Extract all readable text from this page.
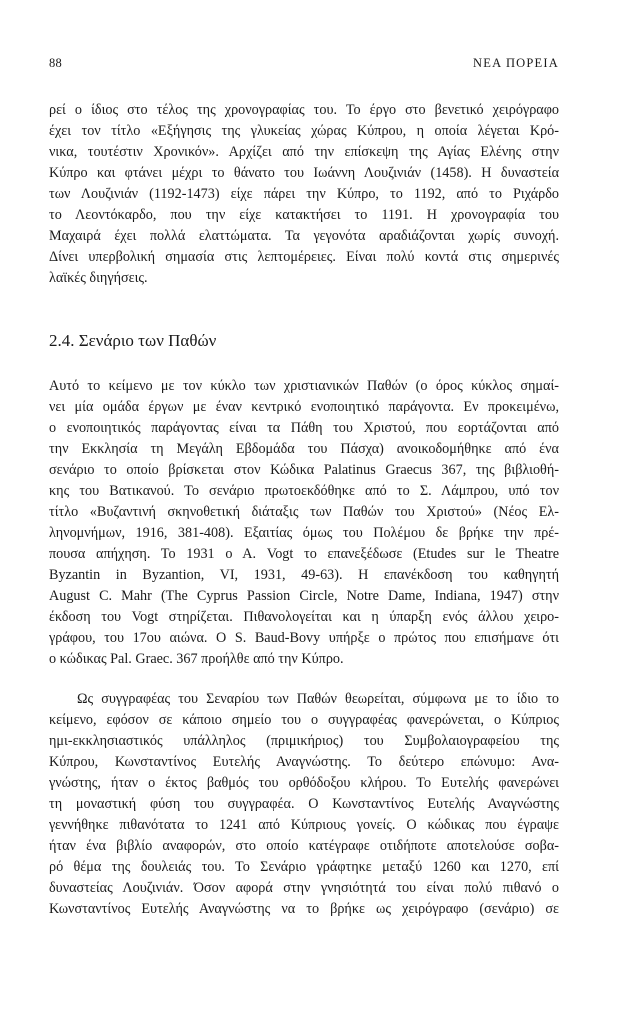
88	ΝΕΑ ΠΟΡΕΙΑ
ρεί ο ίδιος στο τέλος της χρονογραφίας του. Το έργο στο βενετικό χειρόγραφο
έχει τον τίτλο «Εξήγησις της γλυκείας χώρας Κύπρου, η οποία λέγεται Κρό-
νικα, τουτέστιν Χρονικόν». Αρχίζει από την επίσκεψη της Αγίας Ελένης στην
Κύπρο και φτάνει μέχρι το θάνατο του Ιωάννη Λουζινιάν (1458). Η δυναστεία
των Λουζινιάν (1192-1473) είχε πάρει την Κύπρο, το 1192, από το Ριχάρδο
το Λεοντόκαρδο, που την είχε κατακτήσει το 1191. Η χρονογραφία του
Μαχαιρά έχει πολλά ελαττώματα. Τα γεγονότα αραδιάζονται χωρίς συνοχή.
Δίνει υπερβολική σημασία στις λεπτομέρειες. Είναι πολύ κοντά στις σημερινές
λαϊκές διηγήσεις.
2.4. Σενάριο των Παθών
Αυτό το κείμενο με τον κύκλο των χριστιανικών Παθών (ο όρος κύκλος σημαί-
νει μία ομάδα έργων με έναν κεντρικό ενοποιητικό παράγοντα. Εν προκειμένω,
ο ενοποιητικός παράγοντας είναι τα Πάθη του Χριστού, που εορτάζονται από
την Εκκλησία τη Μεγάλη Εβδομάδα του Πάσχα) ανοικοδομήθηκε από ένα
σενάριο το οποίο βρίσκεται στον Κώδικα Palatinus Graecus 367, της βιβλιοθή-
κης του Βατικανού. Το σενάριο πρωτοεκδόθηκε από το Σ. Λάμπρου, υπό τον
τίτλο «Βυζαντινή σκηνοθετική διάταξις των Παθών του Χριστού» (Νέος Ελ-
ληνομνήμων, 1916, 381-408). Εξαιτίας όμως του Πολέμου δε βρήκε την πρέ-
πουσα απήχηση. Το 1931 ο Α. Vogt το επανεξέδωσε (Etudes sur le Theatre
Byzantin in Byzantion, VI, 1931, 49-63). Η επανέκδοση του καθηγητή
August C. Mahr (The Cyprus Passion Circle, Notre Dame, Indiana, 1947) στην
έκδοση του Vogt στηρίζεται. Πιθανολογείται και η ύπαρξη ενός άλλου χειρο-
γράφου, του 17ου αιώνα. Ο S. Baud-Bovy υπήρξε ο πρώτος που επισήμανε ότι
ο κώδικας Pal. Graec. 367 προήλθε από την Κύπρο.
Ως συγγραφέας του Σεναρίου των Παθών θεωρείται, σύμφωνα με το ίδιο το
κείμενο, εφόσον σε κάποιο σημείο του ο συγγραφέας φανερώνεται, ο Κύπριος
ημι-εκκλησιαστικός υπάλληλος (πριμικήριος) του Συμβολαιογραφείου της
Κύπρου, Κωνσταντίνος Ευτελής Αναγνώστης. Το δεύτερο επώνυμο: Ανα-
γνώστης, ήταν ο έκτος βαθμός του ορθόδοξου κλήρου. Το Ευτελής φανερώνει
τη μοναστική φύση του συγγραφέα. Ο Κωνσταντίνος Ευτελής Αναγνώστης
γεννήθηκε πιθανότατα το 1241 από Κύπριους γονείς. Ο κώδικας που έγραψε
ήταν ένα βιβλίο αναφορών, στο οποίο κατέγραφε οτιδήποτε αποτελούσε σοβα-
ρό θέμα της δουλειάς του. Το Σενάριο γράφτηκε μεταξύ 1260 και 1270, επί
δυναστείας Λουζινιάν. Όσον αφορά στην γνησιότητά του είναι πολύ πιθανό ο
Κωνσταντίνος Ευτελής Αναγνώστης να το βρήκε ως χειρόγραφο (σενάριο) σε
